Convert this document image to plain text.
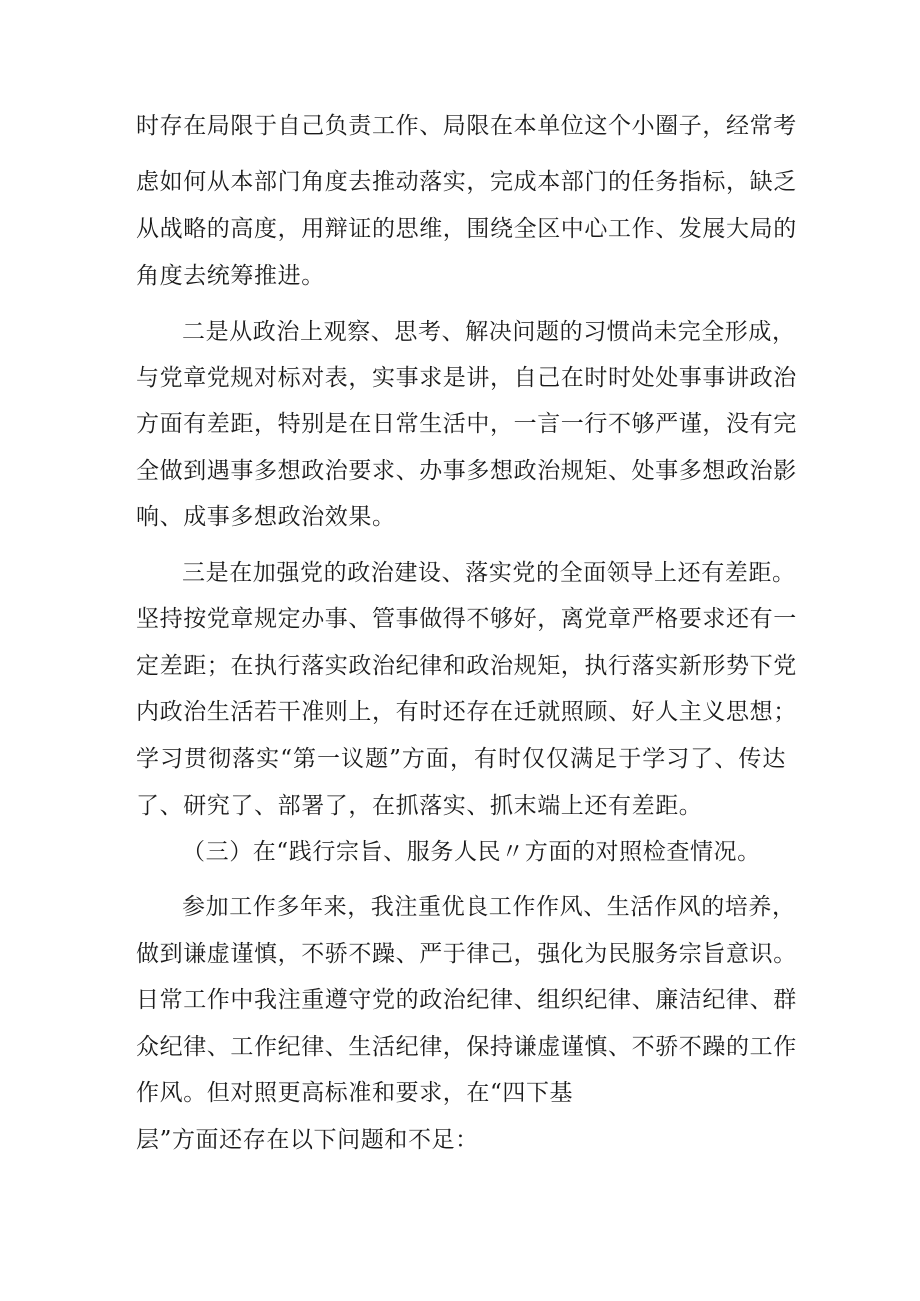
时存在局限于自己负责工作、局限在本单位这个小圈子，经常考
虑如何从本部门角度去推动落实，完成本部门的任务指标，缺乏
从战略的高度，用辩证的思维，围绕全区中心工作、发展大局的
角度去统筹推进。
二是从政治上观察、思考、解决问题的习惯尚未完全形成，
与党章党规对标对表，实事求是讲，自己在时时处处事事讲政治
方面有差距，特别是在日常生活中，一言一行不够严谨，没有完
全做到遇事多想政治要求、办事多想政治规矩、处事多想政治影
响、成事多想政治效果。
三是在加强党的政治建设、落实党的全面领导上还有差距。
坚持按党章规定办事、管事做得不够好，离党章严格要求还有一
定差距；在执行落实政治纪律和政治规矩，执行落实新形势下党
内政治生活若干准则上，有时还存在迁就照顾、好人主义思想；
学习贯彻落实“第一议题”方面，有时仅仅满足于学习了、传达
了、研究了、部署了，在抓落实、抓末端上还有差距。
（三）在“践行宗旨、服务人民〃方面的对照检查情况。
参加工作多年来，我注重优良工作作风、生活作风的培养，
做到谦虚谨慎，不骄不躁、严于律己，强化为民服务宗旨意识。
日常工作中我注重遵守党的政治纪律、组织纪律、廉洁纪律、群
众纪律、工作纪律、生活纪律，保持谦虚谨慎、不骄不躁的工作
作风。但对照更高标准和要求，在“四下基
层”方面还存在以下问题和不足：
